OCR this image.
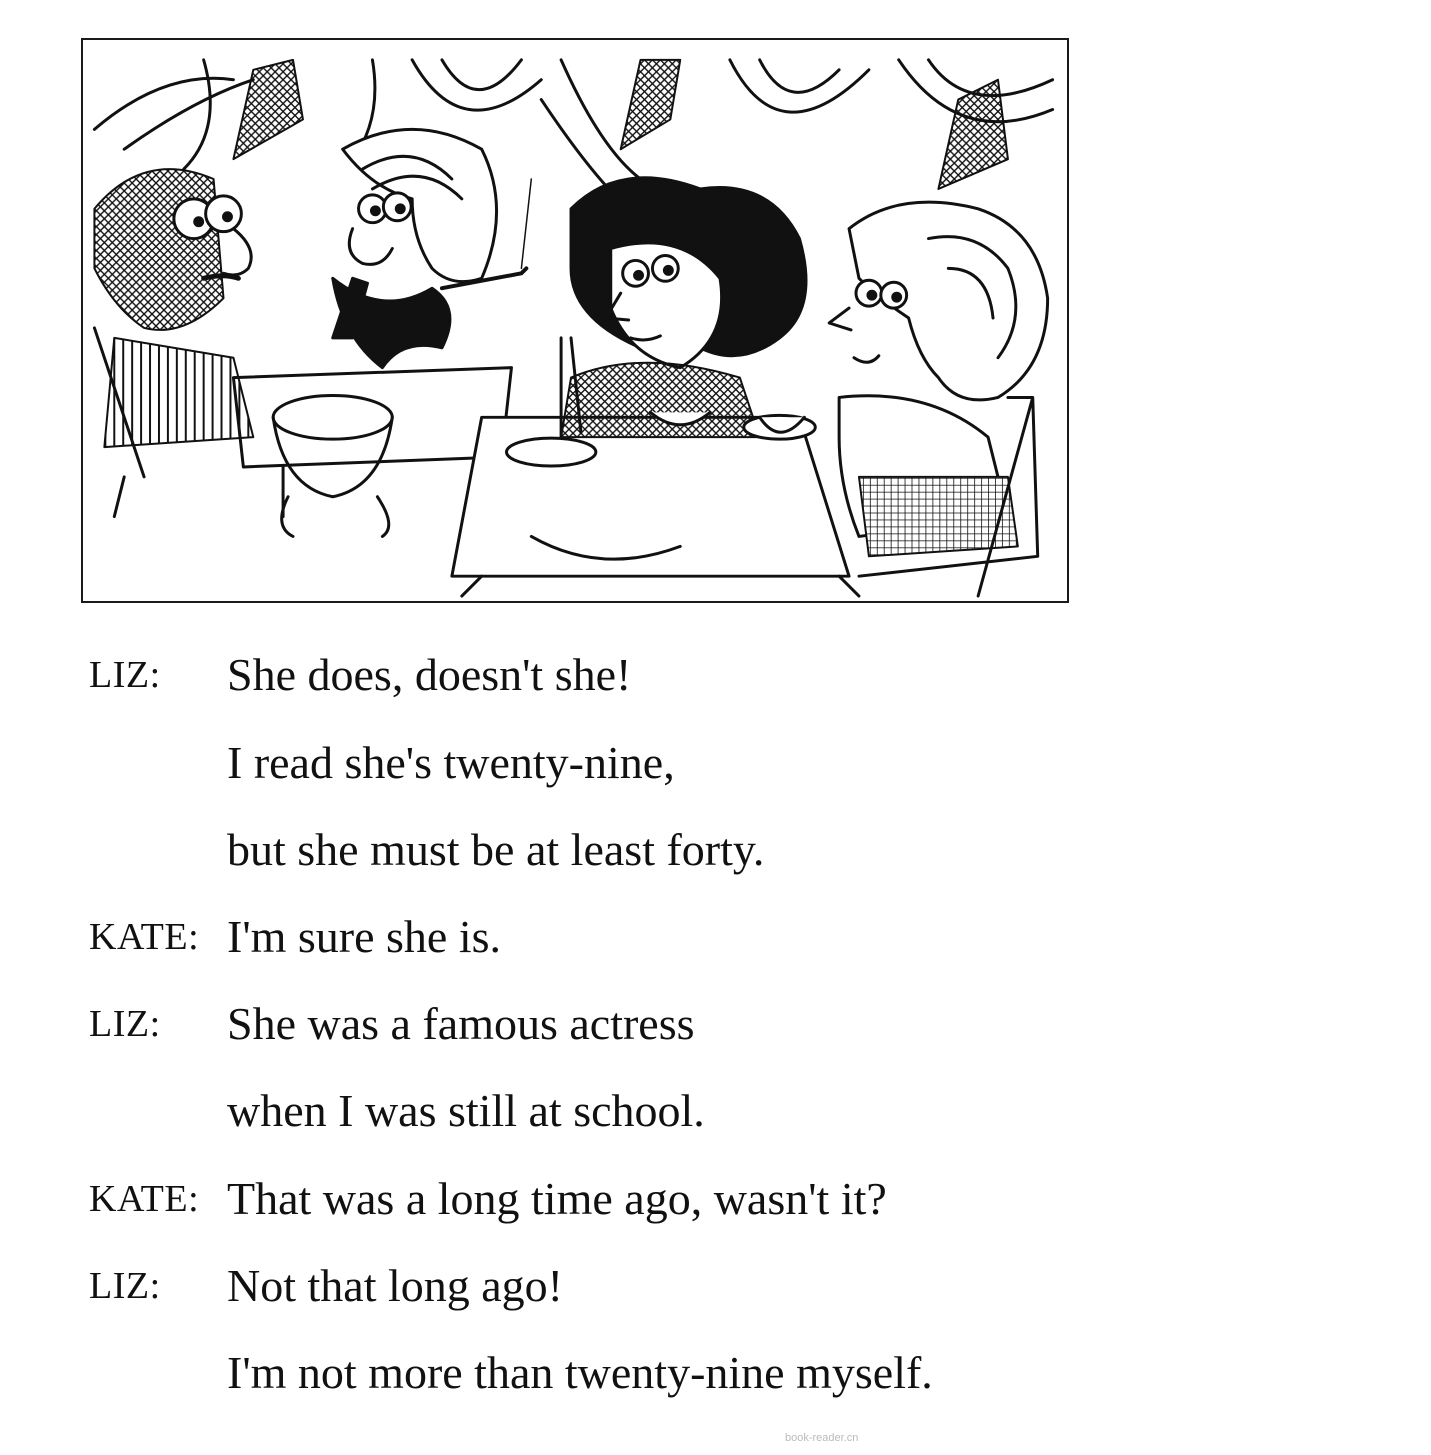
LIZ: She does, doesn't she!
I read she's twenty-nine,
but she must be at least forty.
KATE: I'm sure she is.
LIZ: She was a famous actress
when I was still at school.
KATE: That was a long time ago, wasn't it?
LIZ: Not that long ago!
I'm not more than twenty-nine myself.
book-reader.cn
